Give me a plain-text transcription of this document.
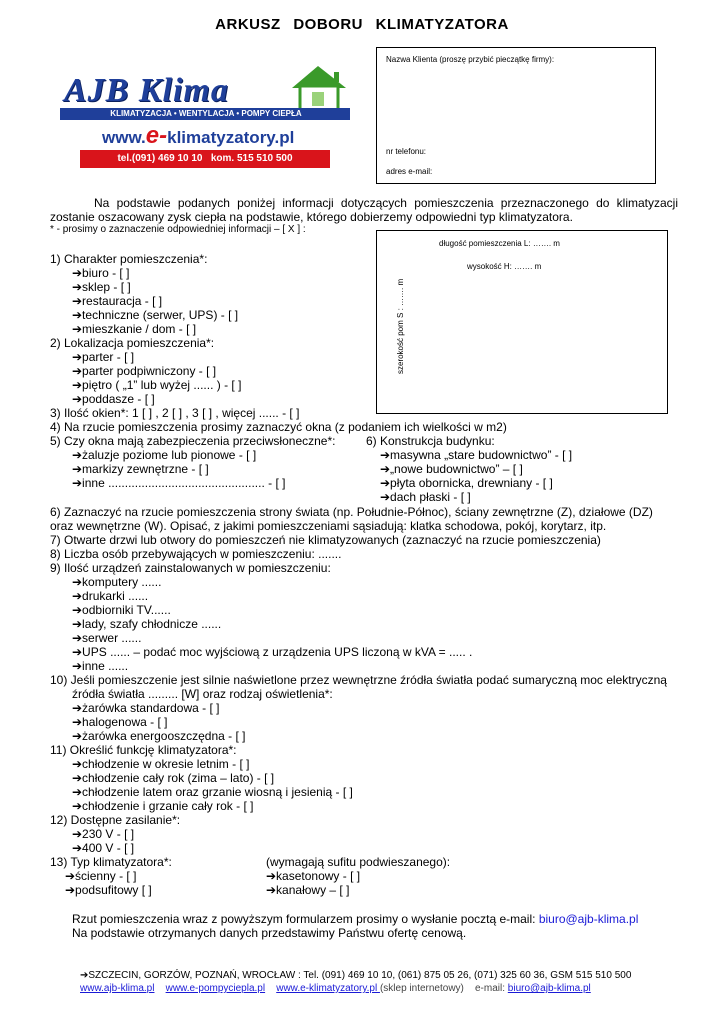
ARKUSZ DOBORU KLIMATYZATORA
AJB Klima
KLIMATYZACJA • WENTYLACJA • POMPY CIEPŁA
www.e-klimatyzatory.pl
tel.(091) 469 10 10   kom. 515 510 500
Nazwa Klienta (proszę przybić pieczątkę firmy):
nr telefonu:
adres e-mail:

Na podstawie podanych poniżej informacji dotyczących pomieszczenia przeznaczonego do klimatyzacji zostanie oszacowany zysk ciepła na podstawie, którego dobierzemy odpowiedni typ klimatyzatora.

* - prosimy o zaznaczenie odpowiedniej informacji – [ X ] :
długość pomieszczenia L: ……. m
wysokość H: ……. m
szerokość pom S : ……. m
1) Charakter pomieszczenia*:
➔biuro - [ ]
➔sklep - [ ]
➔restauracja - [ ]
➔techniczne (serwer, UPS) - [ ]
➔mieszkanie / dom - [ ]
2) Lokalizacja pomieszczenia*:
➔parter - [ ]
➔parter podpiwniczony - [ ]
➔piętro ( „1” lub wyżej ...... ) - [ ]
➔poddasze - [ ]
3) Ilość okien*: 1 [ ] , 2 [ ] , 3 [ ] , więcej ...... - [ ]
4) Na rzucie pomieszczenia prosimy zaznaczyć okna (z podaniem ich wielkości w m2)
5) Czy okna mają zabezpieczenia przeciwsłoneczne*:	6) Konstrukcja budynku:
➔żaluzje poziome lub pionowe - [ ]	➔masywna „stare budownictwo” - [ ]
➔markizy zewnętrzne - [ ]	➔„nowe budownictwo” – [ ]
➔inne ............................................... - [ ]	➔płyta obornicka, drewniany - [ ]
➔dach płaski - [ ]
6) Zaznaczyć na rzucie pomieszczenia strony świata (np. Południe-Północ), ściany zewnętrzne (Z), działowe (DZ)
oraz wewnętrzne (W). Opisać, z jakimi pomieszczeniami sąsiadują: klatka schodowa, pokój, korytarz, itp.
7) Otwarte drzwi lub otwory do pomieszczeń nie klimatyzowanych (zaznaczyć na rzucie pomieszczenia)
8) Liczba osób przebywających w pomieszczeniu: .......
9) Ilość urządzeń zainstalowanych w pomieszczeniu:
➔komputery ......
➔drukarki ......
➔odbiorniki TV......
➔lady, szafy chłodnicze ......
➔serwer ......
➔UPS ...... – podać moc wyjściową z urządzenia UPS liczoną w kVA = ..... .
➔inne ......
10) Jeśli pomieszczenie jest silnie naświetlone przez wewnętrzne źródła światła podać sumaryczną moc elektryczną
źródła światła ......... [W] oraz rodzaj oświetlenia*:
➔żarówka standardowa - [ ]
➔halogenowa - [ ]
➔żarówka energooszczędna - [ ]
11) Określić funkcję klimatyzatora*:
➔chłodzenie w okresie letnim - [ ]
➔chłodzenie cały rok (zima – lato) - [ ]
➔chłodzenie latem oraz grzanie wiosną i jesienią - [ ]
➔chłodzenie i grzanie cały rok - [ ]
12) Dostępne zasilanie*:
➔230 V - [ ]
➔400 V - [ ]
13) Typ klimatyzatora*:	(wymagają sufitu podwieszanego):
➔ścienny - [ ]	➔kasetonowy - [ ]
➔podsufitowy [ ]	➔kanałowy – [ ]
Rzut pomieszczenia wraz z powyższym formularzem prosimy o wysłanie pocztą e-mail: biuro@ajb-klima.pl
Na podstawie otrzymanych danych przedstawimy Państwu ofertę cenową.
➔SZCZECIN, GORZÓW, POZNAŃ, WROCŁAW : Tel. (091) 469 10 10, (061) 875 05 26, (071) 325 60 36, GSM 515 510 500
www.ajb-klima.pl www.e-pompyciepla.pl www.e-klimatyzatory.pl (sklep internetowy) e-mail: biuro@ajb-klima.pl
